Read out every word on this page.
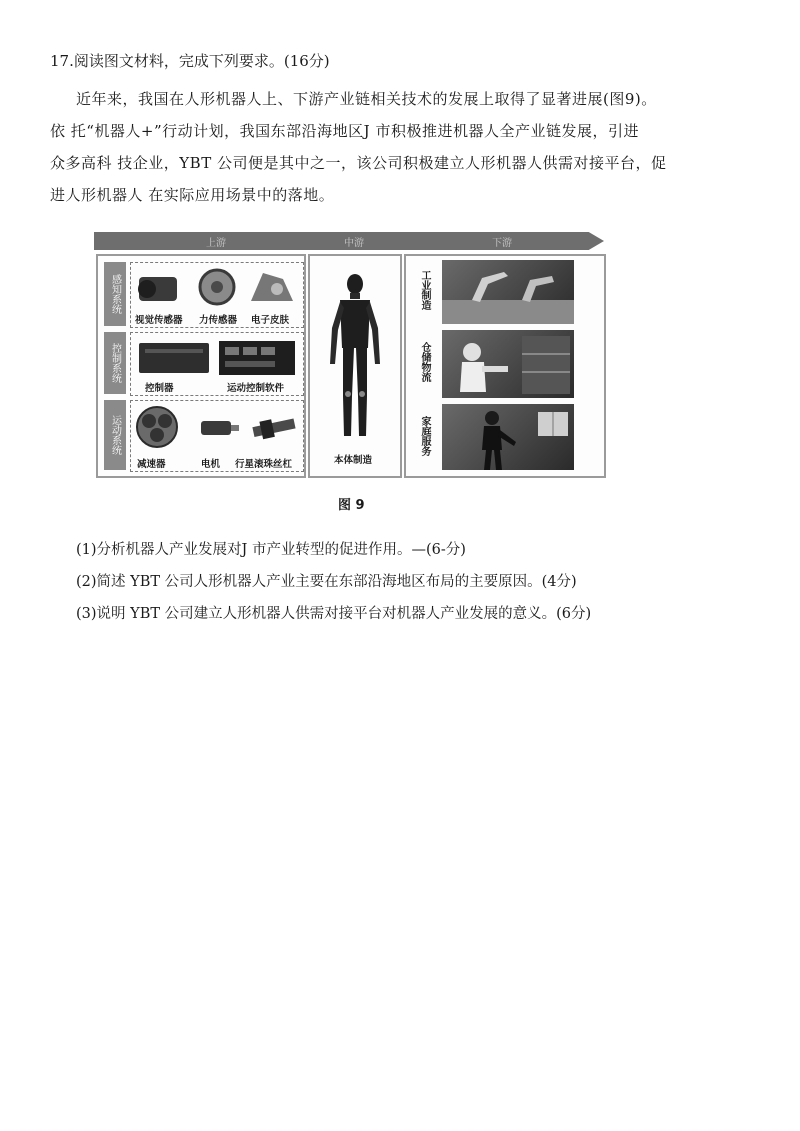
17.阅读图文材料，完成下列要求。(16分)
近年来，我国在人形机器人上、下游产业链相关技术的发展上取得了显著进展(图9)。
依 托“机器人+”行动计划，我国东部沿海地区J 市积极推进机器人全产业链发展，引进
众多高科 技企业，YBT 公司便是其中之一，该公司积极建立人形机器人供需对接平台，促
进人形机器人 在实际应用场景中的落地。
上游	中游	下游
感知系统
视觉传感器 力传感器 电子皮肤
控制系统
控制器	运动控制软件
运动系统
减速器	电机 行星滚珠丝杠	本体制造
工业制造
仓储物流
家庭服务
图 9
(1)分析机器人产业发展对J 市产业转型的促进作用。—(6-分)
(2)简述 YBT 公司人形机器人产业主要在东部沿海地区布局的主要原因。(4分)
(3)说明 YBT 公司建立人形机器人供需对接平台对机器人产业发展的意义。(6分)
